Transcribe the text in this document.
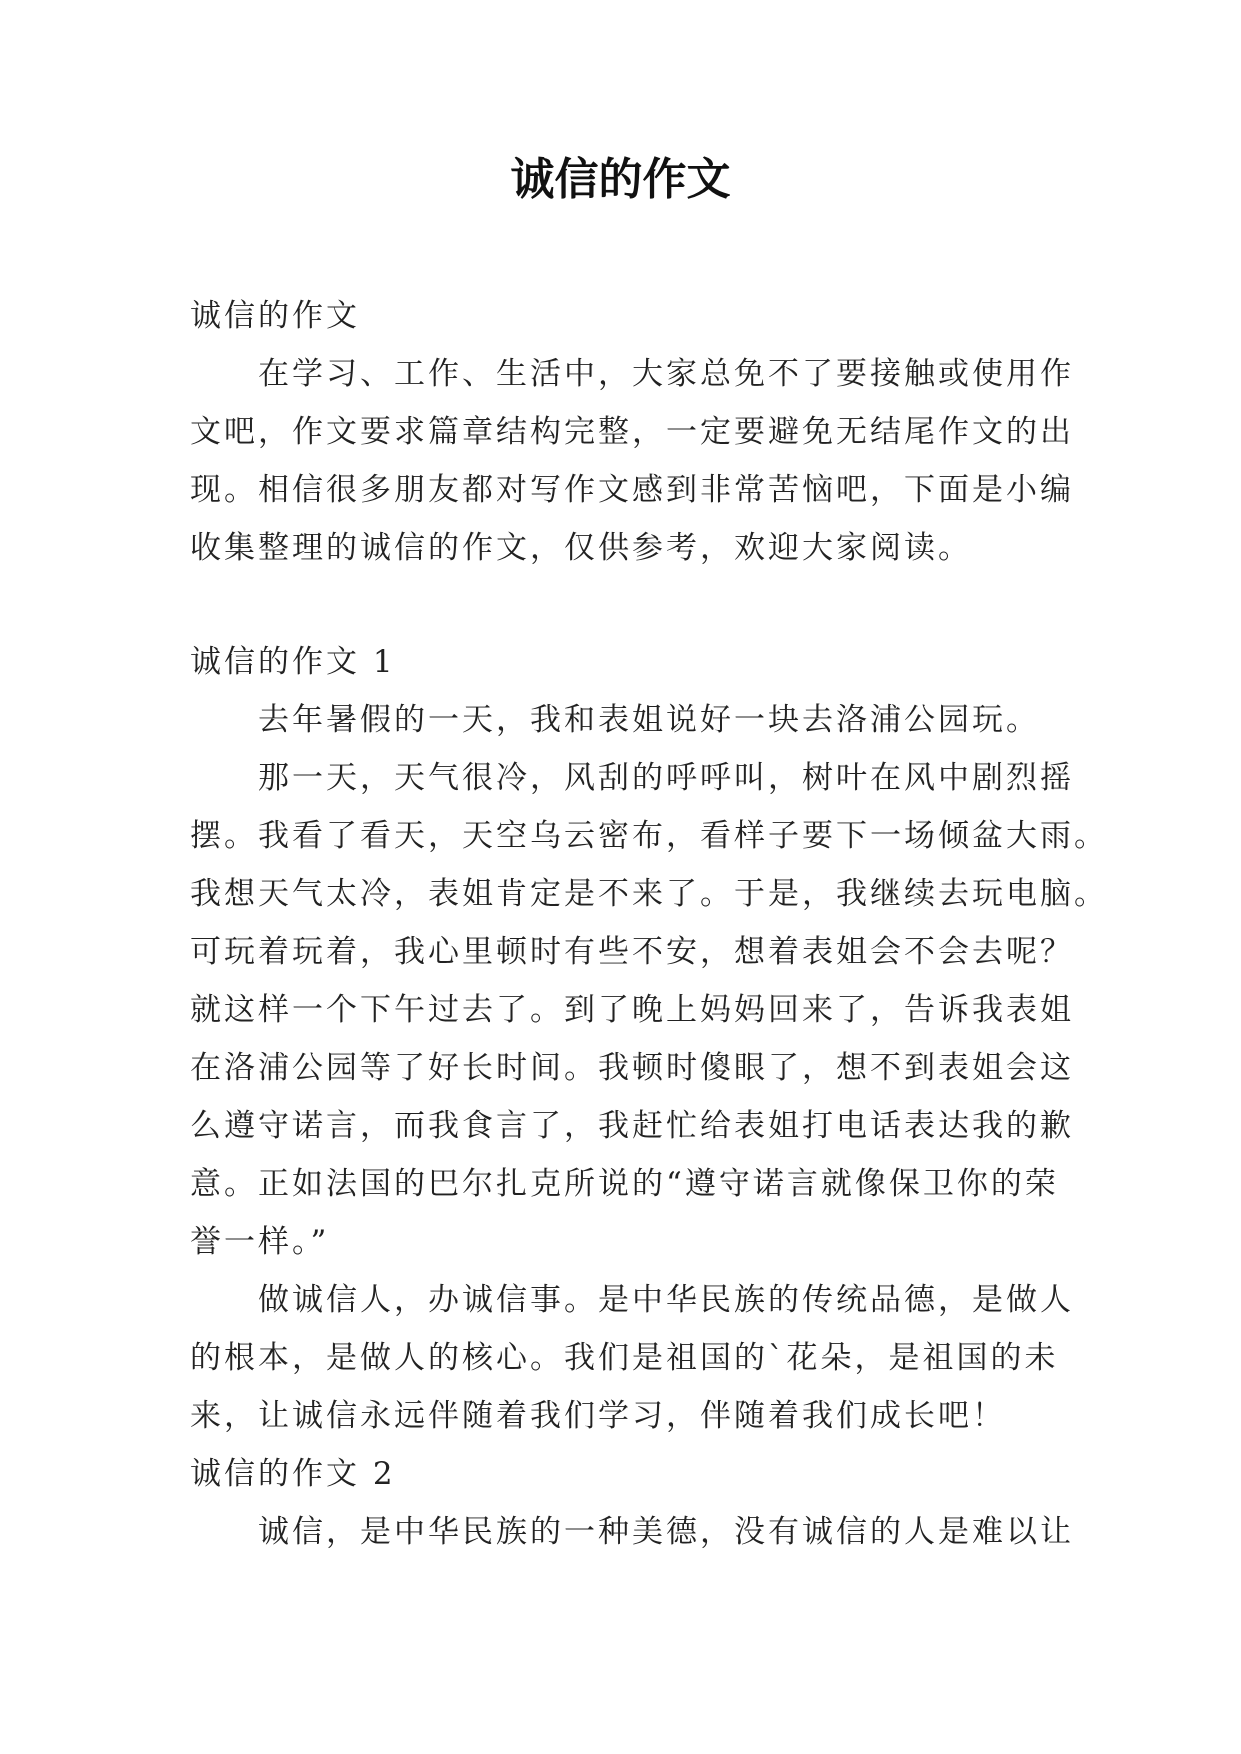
诚信的作文
诚信的作文
在学习、工作、生活中，大家总免不了要接触或使用作
文吧，作文要求篇章结构完整，一定要避免无结尾作文的出
现。相信很多朋友都对写作文感到非常苦恼吧，下面是小编
收集整理的诚信的作文，仅供参考，欢迎大家阅读。
诚信的作文 1
去年暑假的一天，我和表姐说好一块去洛浦公园玩。
那一天，天气很冷，风刮的呼呼叫，树叶在风中剧烈摇
摆。我看了看天，天空乌云密布，看样子要下一场倾盆大雨。
我想天气太冷，表姐肯定是不来了。于是，我继续去玩电脑。
可玩着玩着，我心里顿时有些不安，想着表姐会不会去呢？
就这样一个下午过去了。到了晚上妈妈回来了，告诉我表姐
在洛浦公园等了好长时间。我顿时傻眼了，想不到表姐会这
么遵守诺言，而我食言了，我赶忙给表姐打电话表达我的歉
意。正如法国的巴尔扎克所说的“遵守诺言就像保卫你的荣
誉一样。”
做诚信人，办诚信事。是中华民族的传统品德，是做人
的根本，是做人的核心。我们是祖国的`花朵，是祖国的未
来，让诚信永远伴随着我们学习，伴随着我们成长吧！
诚信的作文 2
诚信，是中华民族的一种美德，没有诚信的人是难以让
